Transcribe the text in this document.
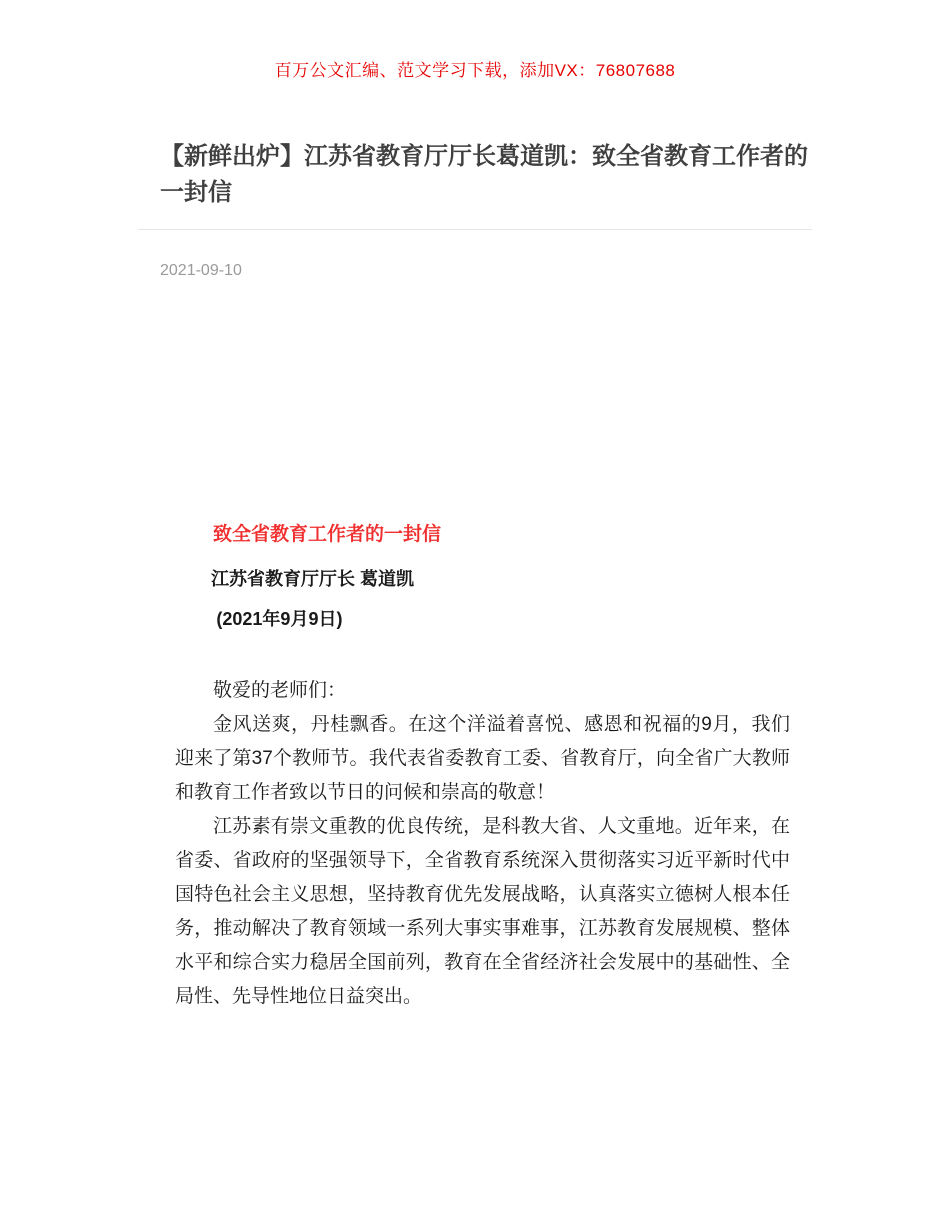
百万公文汇编、范文学习下载，添加VX：76807688
【新鲜出炉】江苏省教育厅厅长葛道凯：致全省教育工作者的一封信
2021-09-10
致全省教育工作者的一封信
江苏省教育厅厅长 葛道凯
(2021年9月9日)

敬爱的老师们：

金风送爽，丹桂飘香。在这个洋溢着喜悦、感恩和祝福的9月，我们迎来了第37个教师节。我代表省委教育工委、省教育厅，向全省广大教师和教育工作者致以节日的问候和崇高的敬意！

江苏素有崇文重教的优良传统，是科教大省、人文重地。近年来，在省委、省政府的坚强领导下，全省教育系统深入贯彻落实习近平新时代中国特色社会主义思想，坚持教育优先发展战略，认真落实立德树人根本任务，推动解决了教育领域一系列大事实事难事，江苏教育发展规模、整体水平和综合实力稳居全国前列，教育在全省经济社会发展中的基础性、全局性、先导性地位日益突出。
